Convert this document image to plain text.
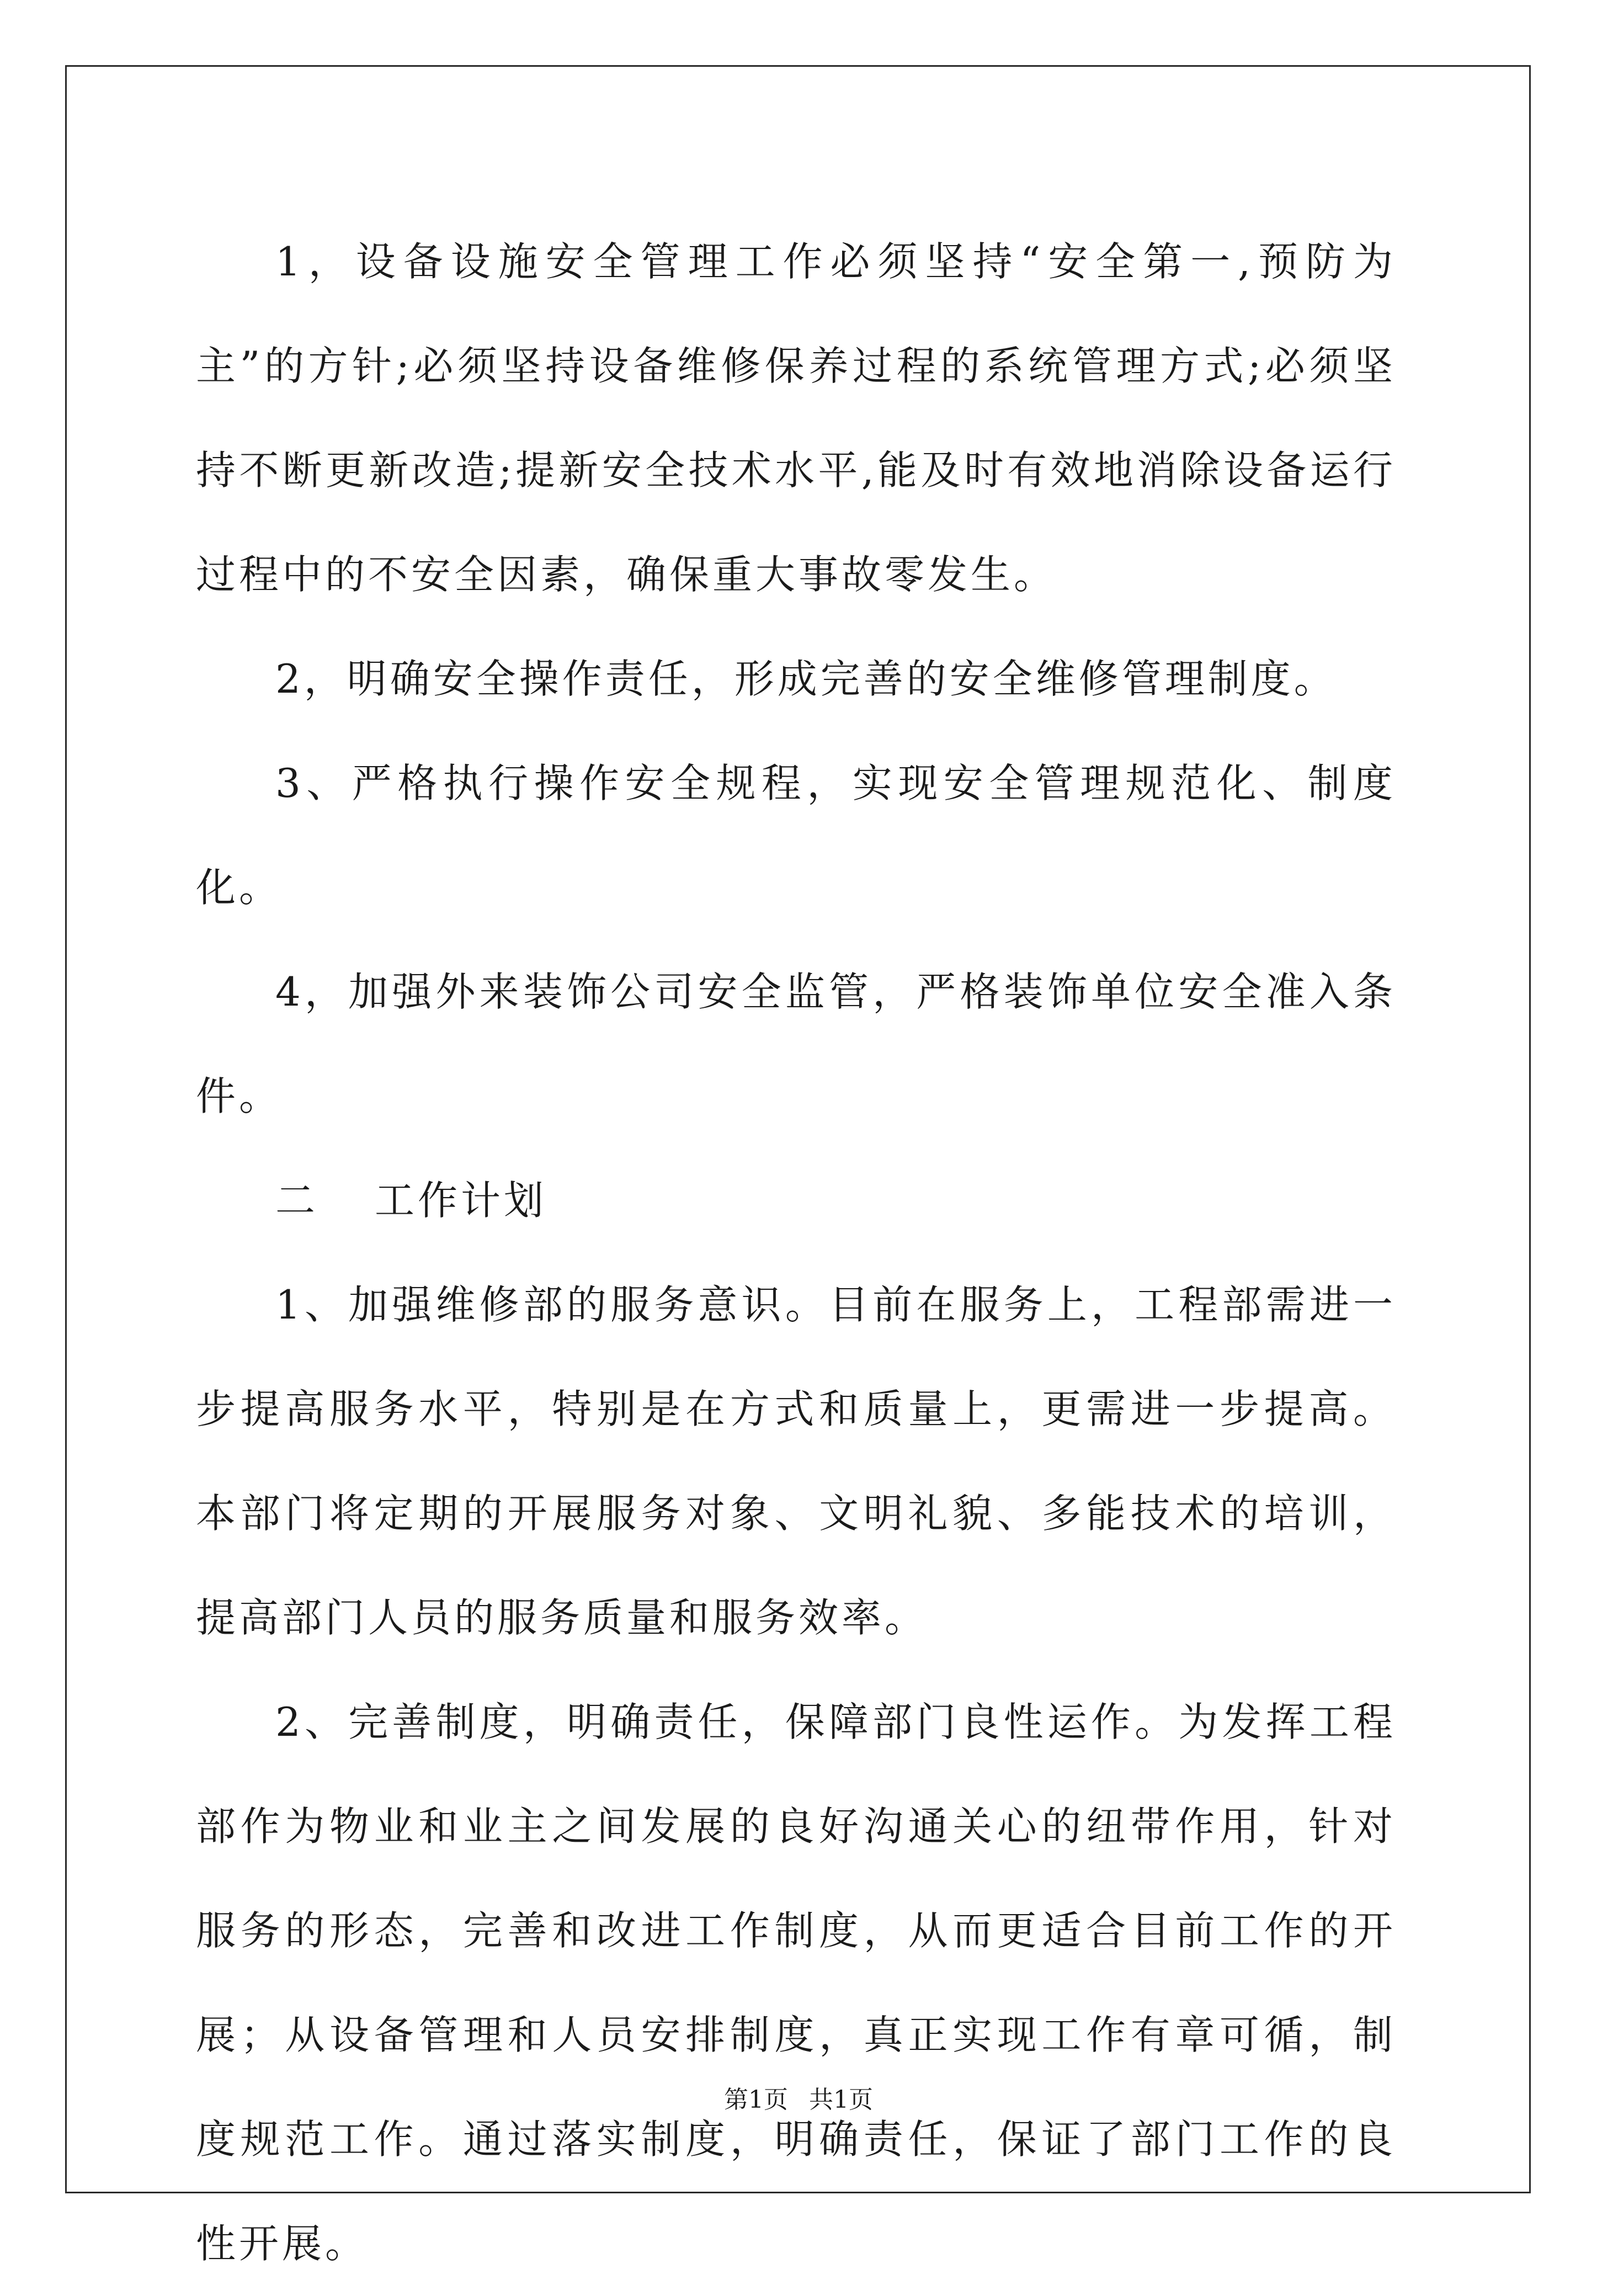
1，设备设施安全管理工作必须坚持“安全第一,预防为主”的方针;必须坚持设备维修保养过程的系统管理方式;必须坚持不断更新改造;提新安全技术水平,能及时有效地消除设备运行过程中的不安全因素，确保重大事故零发生。

2，明确安全操作责任，形成完善的安全维修管理制度。

3、严格执行操作安全规程，实现安全管理规范化、制度化。

4，加强外来装饰公司安全监管，严格装饰单位安全准入条件。

二 工作计划

1、加强维修部的服务意识。目前在服务上，工程部需进一步提高服务水平，特别是在方式和质量上，更需进一步提高。本部门将定期的开展服务对象、文明礼貌、多能技术的培训，提高部门人员的服务质量和服务效率。

2、完善制度，明确责任，保障部门良性运作。为发挥工程部作为物业和业主之间发展的良好沟通关心的纽带作用，针对服务的形态，完善和改进工作制度，从而更适合目前工作的开展；从设备管理和人员安排制度，真正实现工作有章可循，制度规范工作。通过落实制度，明确责任，保证了部门工作的良性开展。

第1页 共1页
